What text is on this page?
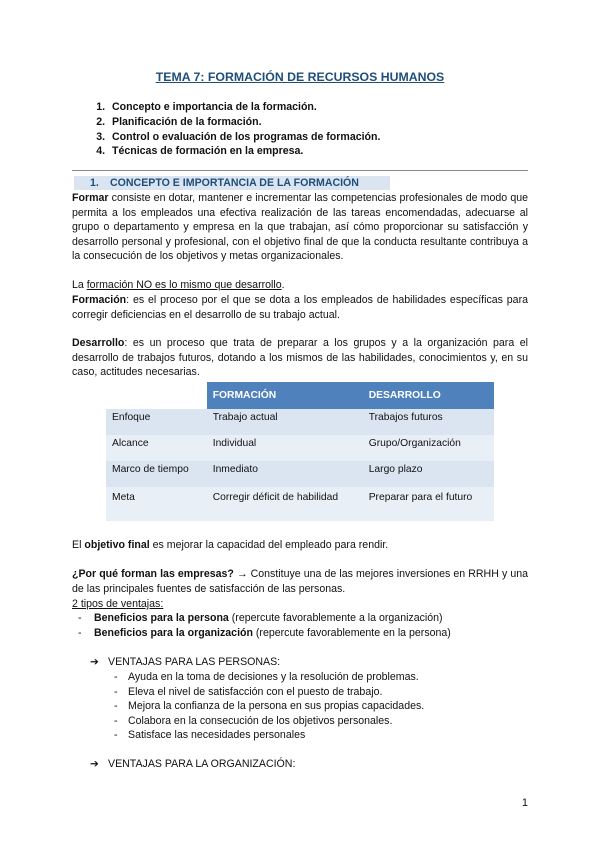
TEMA 7: FORMACIÓN DE RECURSOS HUMANOS
1. Concepto e importancia de la formación.
2. Planificación de la formación.
3. Control o evaluación de los programas de formación.
4. Técnicas de formación en la empresa.
1. CONCEPTO E IMPORTANCIA DE LA FORMACIÓN

Formar consiste en dotar, mantener e incrementar las competencias profesionales de modo que permita a los empleados una efectiva realización de las tareas encomendadas, adecuarse al grupo o departamento y empresa en la que trabajan, así cómo proporcionar su satisfacción y desarrollo personal y profesional, con el objetivo final de que la conducta resultante contribuya a la consecución de los objetivos y metas organizacionales.

La formación NO es lo mismo que desarrollo.

Formación: es el proceso por el que se dota a los empleados de habilidades específicas para corregir deficiencias en el desarrollo de su trabajo actual.

Desarrollo: es un proceso que trata de preparar a los grupos y a la organización para el desarrollo de trabajos futuros, dotando a los mismos de las habilidades, conocimientos y, en su caso, actitudes necesarias.

	FORMACIÓN	DESARROLLO
Enfoque	Trabajo actual	Trabajos futuros
Alcance	Individual	Grupo/Organización
Marco de tiempo	Inmediato	Largo plazo
Meta	Corregir déficit de habilidad	Preparar para el futuro

El objetivo final es mejorar la capacidad del empleado para rendir.

¿Por qué forman las empresas? → Constituye una de las mejores inversiones en RRHH y una de las principales fuentes de satisfacción de las personas.

2 tipos de ventajas:

- Beneficios para la persona (repercute favorablemente a la organización)
- Beneficios para la organización (repercute favorablemente en la persona)
➔ VENTAJAS PARA LAS PERSONAS:
- Ayuda en la toma de decisiones y la resolución de problemas.
- Eleva el nivel de satisfacción con el puesto de trabajo.
- Mejora la confianza de la persona en sus propias capacidades.
- Colabora en la consecución de los objetivos personales.
- Satisface las necesidades personales
➔ VENTAJAS PARA LA ORGANIZACIÓN:
1
